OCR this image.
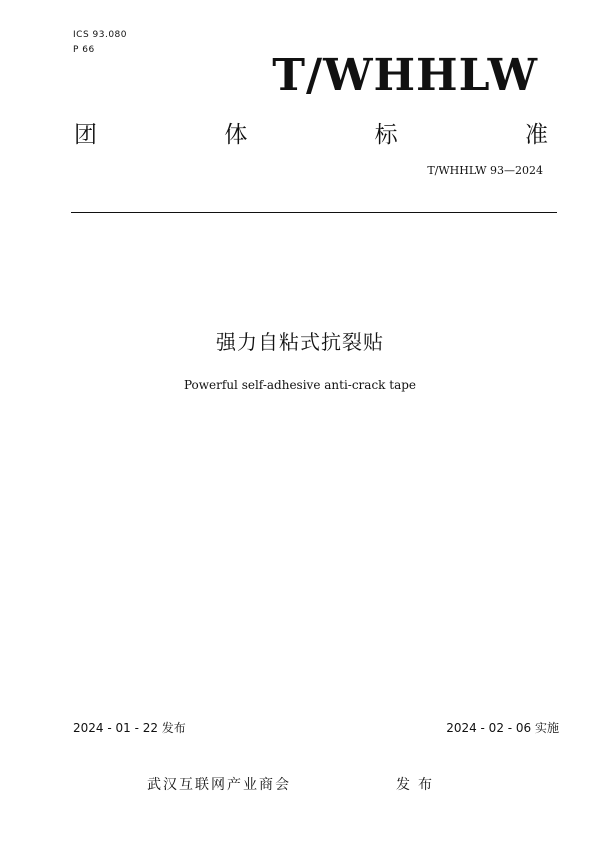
ICS 93.080
P 66	T/WHHLW
团	体	标	准
T/WHHLW 93—2024
强力自粘式抗裂贴
Powerful self-adhesive anti-crack tape
2024 - 01 - 22 发布	2024 - 02 - 06 实施
武汉互联网产业商会	发布
